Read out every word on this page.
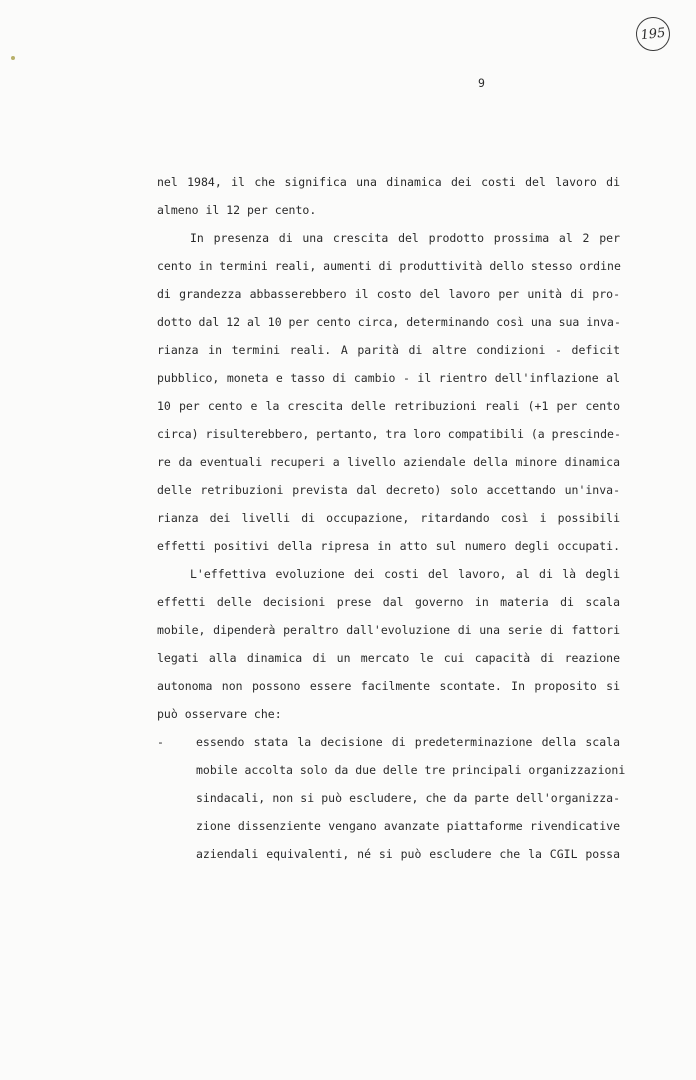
195
9
nel 1984, il che significa una dinamica dei costi del lavoro di
almeno il 12 per cento.
In presenza di una crescita del prodotto prossima al 2 per
cento in termini reali, aumenti di produttività dello stesso ordine
di grandezza abbasserebbero il costo del lavoro per unità di pro-
dotto dal 12 al 10 per cento circa, determinando così una sua inva-
rianza in termini reali. A parità di altre condizioni - deficit
pubblico, moneta e tasso di cambio - il rientro dell'inflazione al
10 per cento e la crescita delle retribuzioni reali (+1 per cento
circa) risulterebbero, pertanto, tra loro compatibili (a prescinde-
re da eventuali recuperi a livello aziendale della minore dinamica
delle retribuzioni prevista dal decreto) solo accettando un'inva-
rianza dei livelli di occupazione, ritardando così i possibili
effetti positivi della ripresa in atto sul numero degli occupati.
L'effettiva evoluzione dei costi del lavoro, al di là degli
effetti delle decisioni prese dal governo in materia di scala
mobile, dipenderà peraltro dall'evoluzione di una serie di fattori
legati alla dinamica di un mercato le cui capacità di reazione
autonoma non possono essere facilmente scontate. In proposito si
può osservare che:
-	essendo stata la decisione di predeterminazione della scala
mobile accolta solo da due delle tre principali organizzazioni
sindacali, non si può escludere, che da parte dell'organizza-
zione dissenziente vengano avanzate piattaforme rivendicative
aziendali equivalenti, né si può escludere che la CGIL possa
